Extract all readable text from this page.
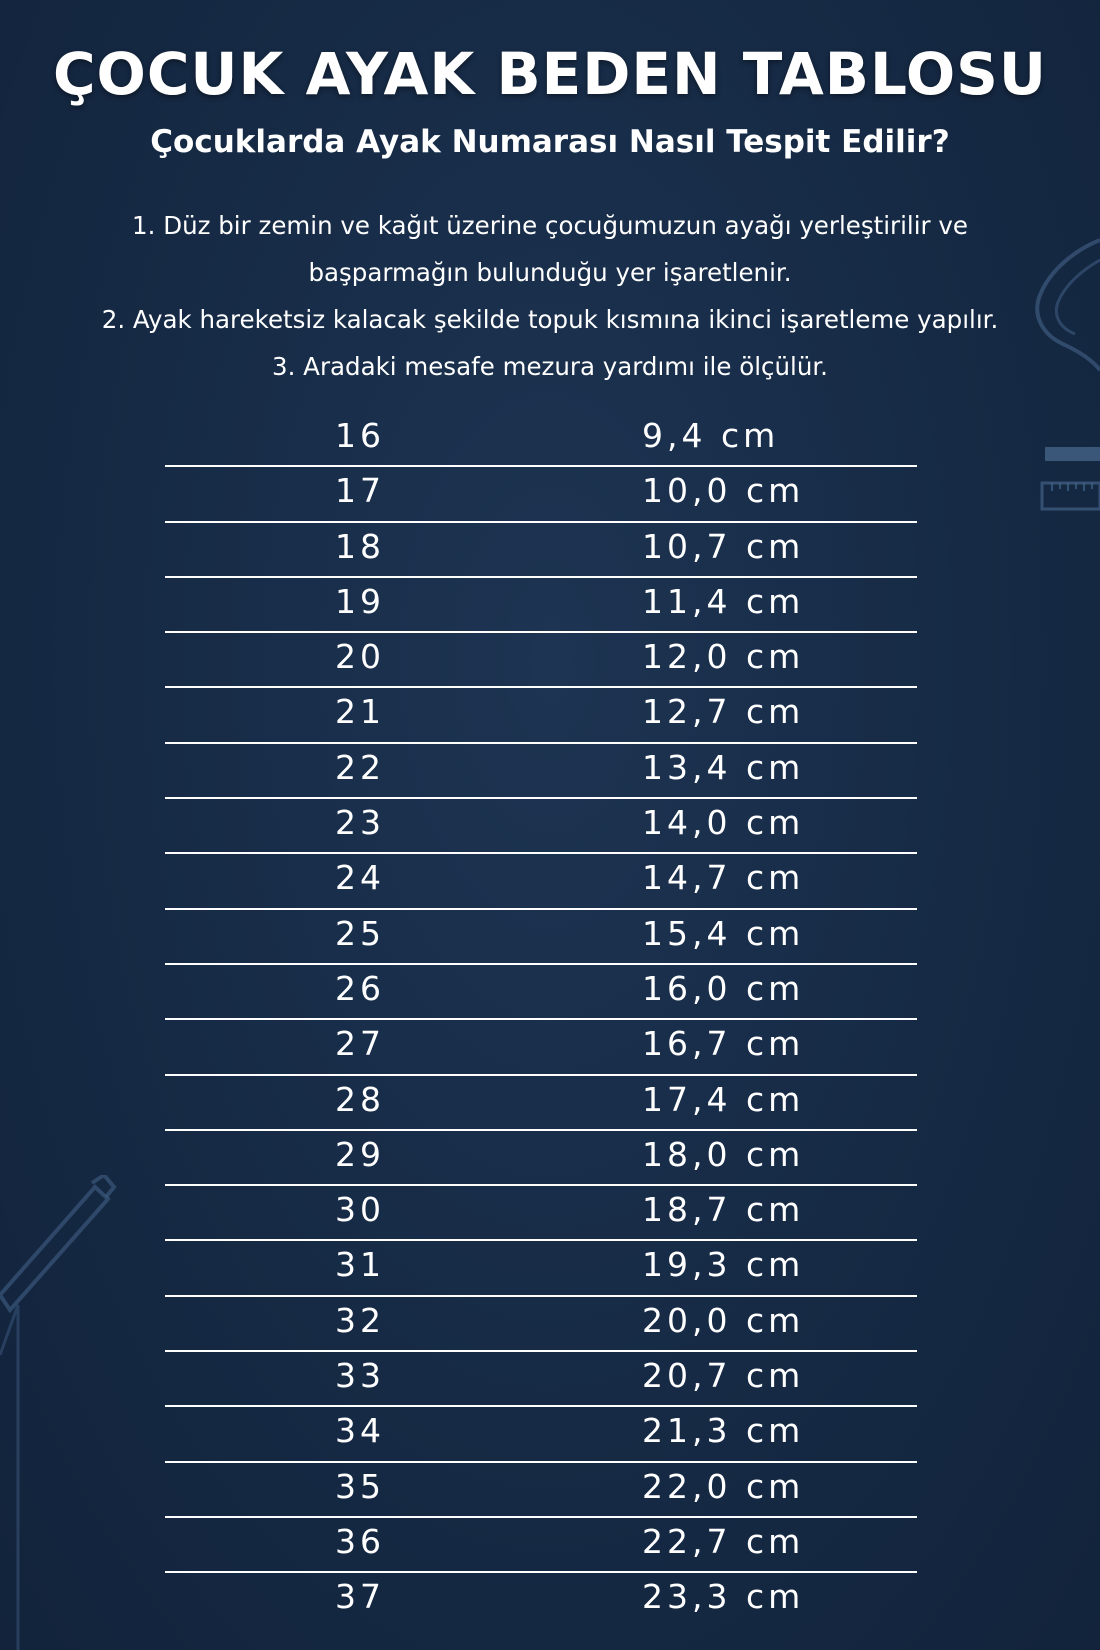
ÇOCUK AYAK BEDEN TABLOSU
Çocuklarda Ayak Numarası Nasıl Tespit Edilir?
1. Düz bir zemin ve kağıt üzerine çocuğumuzun ayağı yerleştirilir ve
başparmağın bulunduğu yer işaretlenir.
2. Ayak hareketsiz kalacak şekilde topuk kısmına ikinci işaretleme yapılır.
3. Aradaki mesafe mezura yardımı ile ölçülür.
16	9,4 cm
17	10,0 cm
18	10,7 cm
19	11,4 cm
20	12,0 cm
21	12,7 cm
22	13,4 cm
23	14,0 cm
24	14,7 cm
25	15,4 cm
26	16,0 cm
27	16,7 cm
28	17,4 cm
29	18,0 cm
30	18,7 cm
31	19,3 cm
32	20,0 cm
33	20,7 cm
34	21,3 cm
35	22,0 cm
36	22,7 cm
37	23,3 cm
